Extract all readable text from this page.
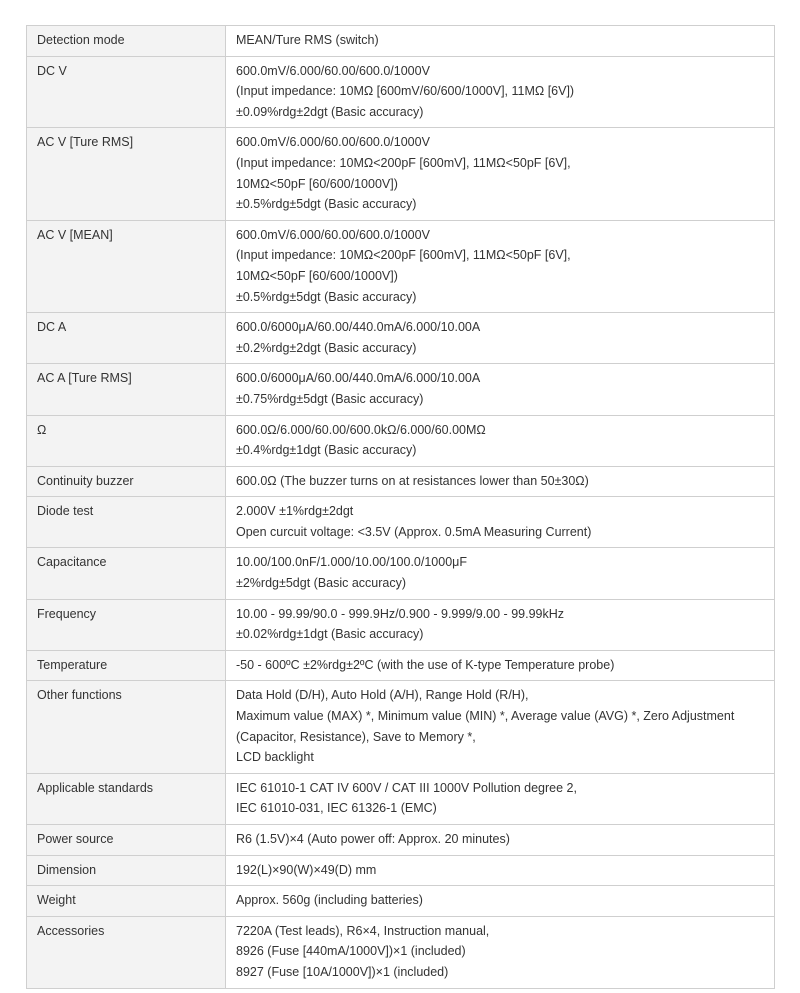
Detection mode	MEAN/Ture RMS (switch)

DC V	600.0mV/6.000/60.00/600.0/1000V
(Input impedance: 10MΩ [600mV/60/600/1000V], 11MΩ [6V])
±0.09%rdg±2dgt (Basic accuracy)

AC V [Ture RMS]	600.0mV/6.000/60.00/600.0/1000V
(Input impedance: 10MΩ<200pF [600mV], 11MΩ<50pF [6V],
10MΩ<50pF [60/600/1000V])
±0.5%rdg±5dgt (Basic accuracy)

AC V [MEAN]	600.0mV/6.000/60.00/600.0/1000V
(Input impedance: 10MΩ<200pF [600mV], 11MΩ<50pF [6V],
10MΩ<50pF [60/600/1000V])
±0.5%rdg±5dgt (Basic accuracy)

DC A	600.0/6000μA/60.00/440.0mA/6.000/10.00A
±0.2%rdg±2dgt (Basic accuracy)

AC A [Ture RMS]	600.0/6000μA/60.00/440.0mA/6.000/10.00A
±0.75%rdg±5dgt (Basic accuracy)

Ω	600.0Ω/6.000/60.00/600.0kΩ/6.000/60.00MΩ
±0.4%rdg±1dgt (Basic accuracy)

Continuity buzzer	600.0Ω (The buzzer turns on at resistances lower than 50±30Ω)

Diode test	2.000V ±1%rdg±2dgt
Open curcuit voltage: <3.5V (Approx. 0.5mA Measuring Current)

Capacitance	10.00/100.0nF/1.000/10.00/100.0/1000μF
±2%rdg±5dgt (Basic accuracy)

Frequency	10.00 - 99.99/90.0 - 999.9Hz/0.900 - 9.999/9.00 - 99.99kHz
±0.02%rdg±1dgt (Basic accuracy)

Temperature	-50 - 600ºC ±2%rdg±2ºC (with the use of K-type Temperature probe)

Other functions	Data Hold (D/H), Auto Hold (A/H), Range Hold (R/H),
Maximum value (MAX) *, Minimum value (MIN) *, Average value (AVG) *, Zero Adjustment
(Capacitor, Resistance), Save to Memory *,
LCD backlight

Applicable standards	IEC 61010-1 CAT IV 600V / CAT III 1000V Pollution degree 2,
IEC 61010-031, IEC 61326-1 (EMC)

Power source	R6 (1.5V)×4 (Auto power off: Approx. 20 minutes)

Dimension	192(L)×90(W)×49(D) mm

Weight	Approx. 560g (including batteries)

Accessories	7220A (Test leads), R6×4, Instruction manual,
8926 (Fuse [440mA/1000V])×1 (included)
8927 (Fuse [10A/1000V])×1 (included)
